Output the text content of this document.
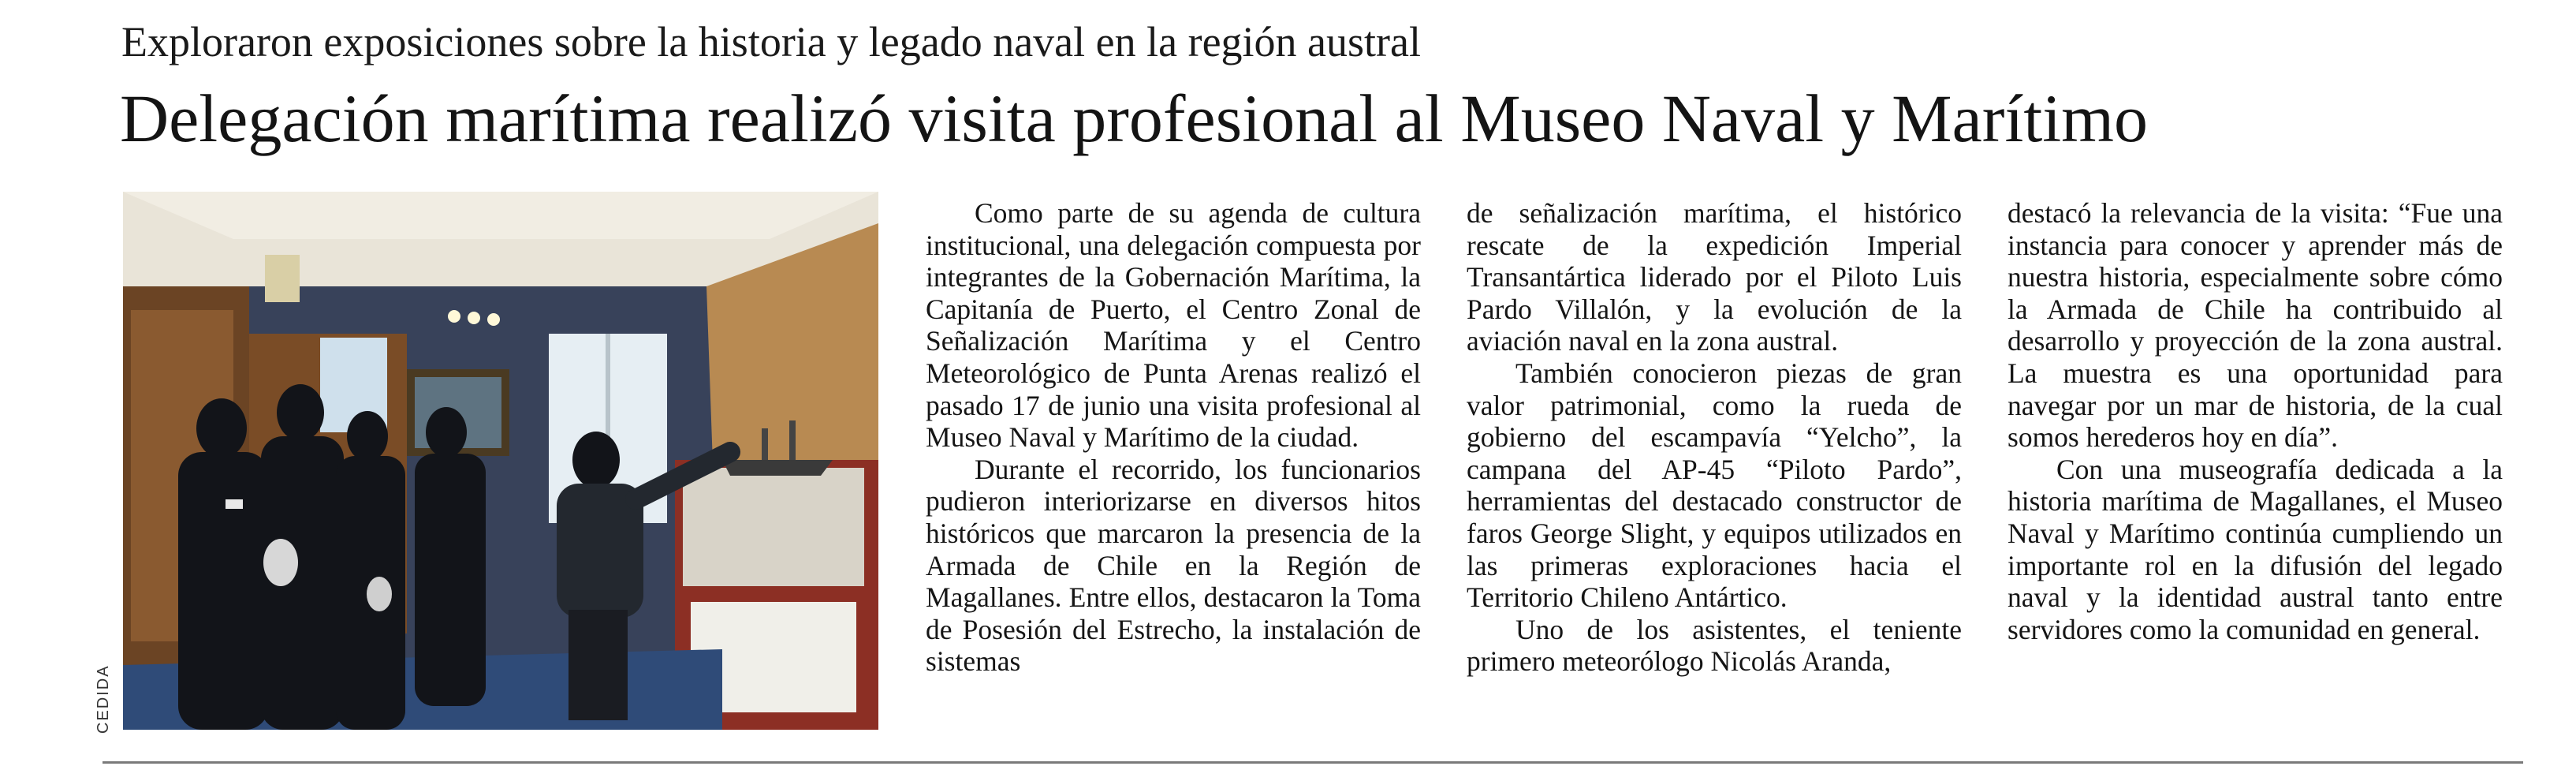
Exploraron exposiciones sobre la historia y legado naval en la región austral
Delegación marítima realizó visita profesional al Museo Naval y Marítimo
CEDIDA

Como parte de su agenda de cultura institucional, una delegación compuesta por integrantes de la Gobernación Marítima, la Capitanía de Puerto, el Centro Zonal de Señalización Marítima y el Centro Meteorológico de Punta Arenas realizó el pasado 17 de junio una visita profesional al Museo Naval y Marítimo de la ciudad.

Durante el recorrido, los funcionarios pudieron interiorizarse en diversos hitos históricos que marcaron la presencia de la Armada de Chile en la Región de Magallanes. Entre ellos, destacaron la Toma de Posesión del Estrecho, la instalación de sistemas

de señalización marítima, el histórico rescate de la expedición Imperial Transantártica liderado por el Piloto Luis Pardo Villalón, y la evolución de la aviación naval en la zona austral.

También conocieron piezas de gran valor patrimonial, como la rueda de gobierno del escampavía “Yelcho”, la campana del AP-45 “Piloto Pardo”, herramientas del destacado constructor de faros George Slight, y equipos utilizados en las primeras exploraciones hacia el Territorio Chileno Antártico.

Uno de los asistentes, el teniente primero meteorólogo Nicolás Aranda,

destacó la relevancia de la visita: “Fue una instancia para conocer y aprender más de nuestra historia, especialmente sobre cómo la Armada de Chile ha contribuido al desarrollo y proyección de la zona austral. La muestra es una oportunidad para navegar por un mar de historia, de la cual somos herederos hoy en día”.

Con una museografía dedicada a la historia marítima de Magallanes, el Museo Naval y Marítimo continúa cumpliendo un importante rol en la difusión del legado naval y la identidad austral tanto entre servidores como la comunidad en general.
